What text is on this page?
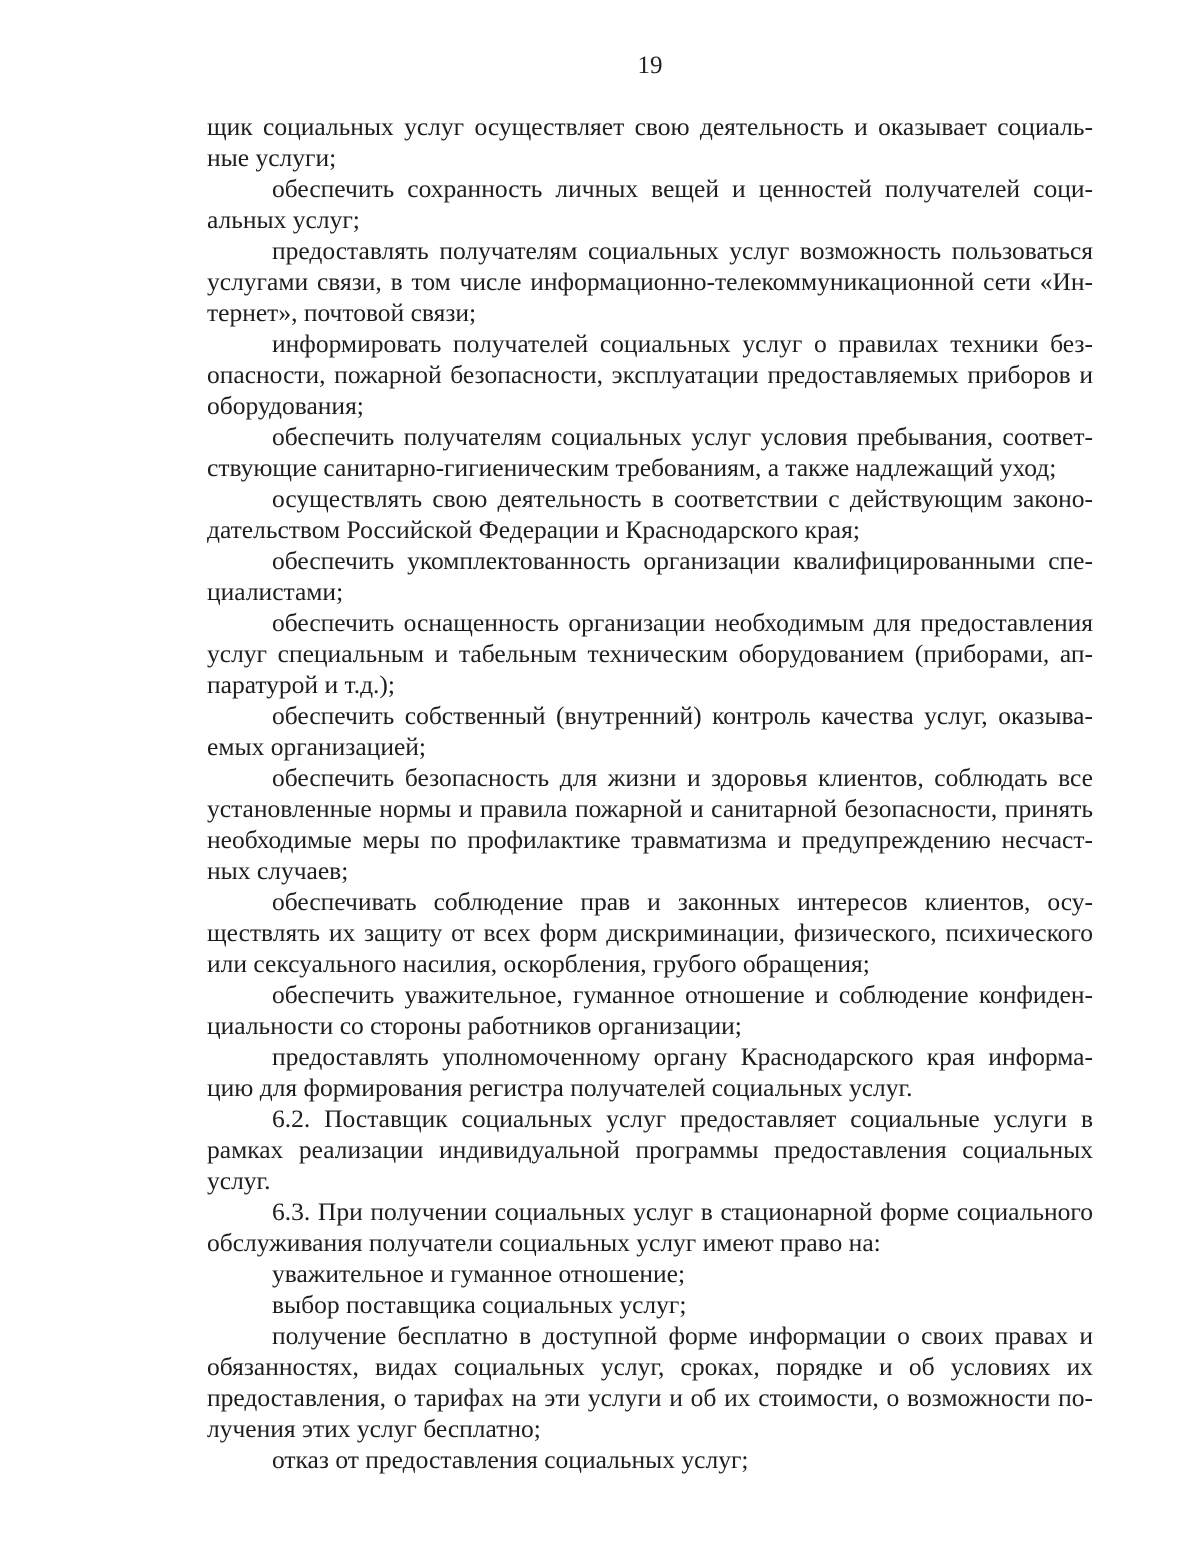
19

щик социальных услуг осуществляет свою деятельность и оказывает социаль-ные услуги;

обеспечить сохранность личных вещей и ценностей получателей соци-альных услуг;

предоставлять получателям социальных услуг возможность пользоваться услугами связи, в том числе информационно-телекоммуникационной сети «Ин-тернет», почтовой связи;

информировать получателей социальных услуг о правилах техники без-опасности, пожарной безопасности, эксплуатации предоставляемых приборов и оборудования;

обеспечить получателям социальных услуг условия пребывания, соответ-ствующие санитарно-гигиеническим требованиям, а также надлежащий уход;

осуществлять свою деятельность в соответствии с действующим законо-дательством Российской Федерации и Краснодарского края;

обеспечить укомплектованность организации квалифицированными спе-циалистами;

обеспечить оснащенность организации необходимым для предоставления услуг специальным и табельным техническим оборудованием (приборами, ап-паратурой и т.д.);

обеспечить собственный (внутренний) контроль качества услуг, оказыва-емых организацией;

обеспечить безопасность для жизни и здоровья клиентов, соблюдать все установленные нормы и правила пожарной и санитарной безопасности, принять необходимые меры по профилактике травматизма и предупреждению несчаст-ных случаев;

обеспечивать соблюдение прав и законных интересов клиентов, осу-ществлять их защиту от всех форм дискриминации, физического, психического или сексуального насилия, оскорбления, грубого обращения;

обеспечить уважительное, гуманное отношение и соблюдение конфиден-циальности со стороны работников организации;

предоставлять уполномоченному органу Краснодарского края информа-цию для формирования регистра получателей социальных услуг.

6.2. Поставщик социальных услуг предоставляет социальные услуги в рамках реализации индивидуальной программы предоставления социальных услуг.

6.3. При получении социальных услуг в стационарной форме социального обслуживания получатели социальных услуг имеют право на:

уважительное и гуманное отношение;

выбор поставщика социальных услуг;

получение бесплатно в доступной форме информации о своих правах и обязанностях, видах социальных услуг, сроках, порядке и об условиях их предоставления, о тарифах на эти услуги и об их стоимости, о возможности по-лучения этих услуг бесплатно;

отказ от предоставления социальных услуг;
